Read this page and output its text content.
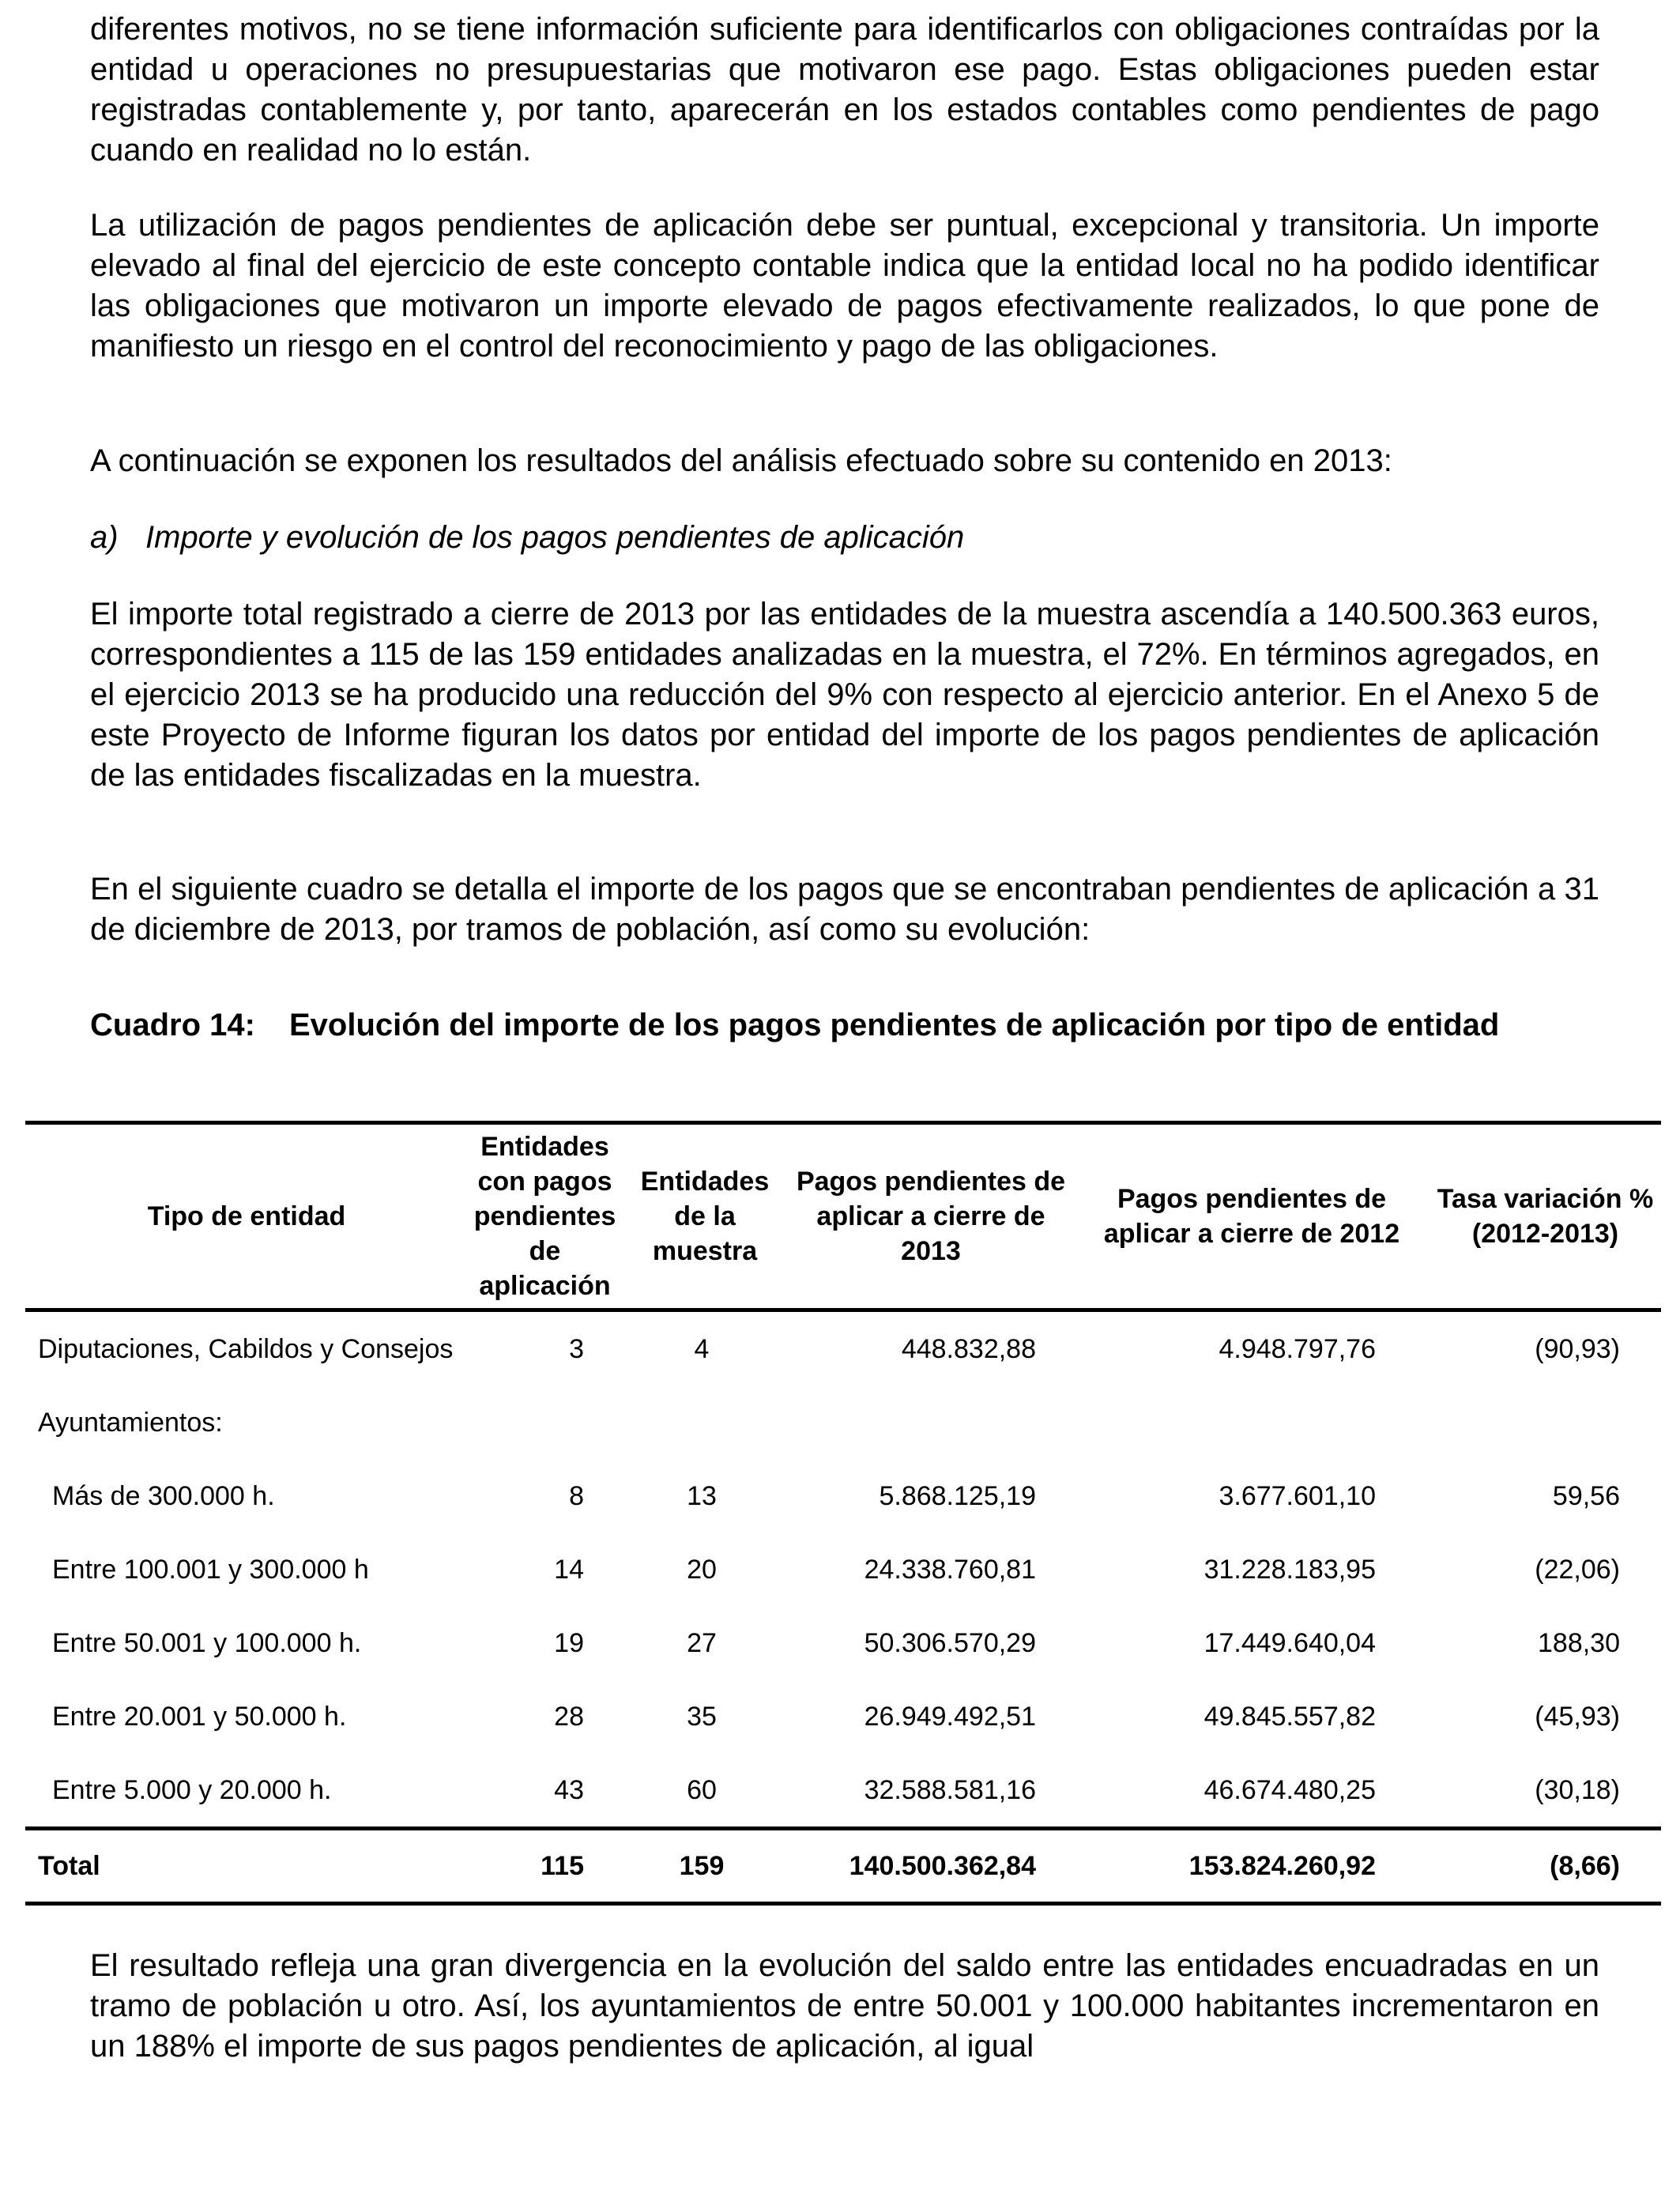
diferentes motivos, no se tiene información suficiente para identificarlos con obligaciones contraídas por la entidad u operaciones no presupuestarias que motivaron ese pago. Estas obligaciones pueden estar registradas contablemente y, por tanto, aparecerán en los estados contables como pendientes de pago cuando en realidad no lo están.

La utilización de pagos pendientes de aplicación debe ser puntual, excepcional y transitoria. Un importe elevado al final del ejercicio de este concepto contable indica que la entidad local no ha podido identificar las obligaciones que motivaron un importe elevado de pagos efectivamente realizados, lo que pone de manifiesto un riesgo en el control del reconocimiento y pago de las obligaciones.

A continuación se exponen los resultados del análisis efectuado sobre su contenido en 2013:

a) Importe y evolución de los pagos pendientes de aplicación

El importe total registrado a cierre de 2013 por las entidades de la muestra ascendía a 140.500.363 euros, correspondientes a 115 de las 159 entidades analizadas en la muestra, el 72%. En términos agregados, en el ejercicio 2013 se ha producido una reducción del 9% con respecto al ejercicio anterior. En el Anexo 5 de este Proyecto de Informe figuran los datos por entidad del importe de los pagos pendientes de aplicación de las entidades fiscalizadas en la muestra.

En el siguiente cuadro se detalla el importe de los pagos que se encontraban pendientes de aplicación a 31 de diciembre de 2013, por tramos de población, así como su evolución:

Cuadro 14:	Evolución del importe de los pagos pendientes de aplicación por tipo de entidad
Tipo de entidad	Entidades con pagos pendientes de aplicación	Entidades de la muestra	Pagos pendientes de aplicar a cierre de 2013	Pagos pendientes de aplicar a cierre de 2012	Tasa variación % (2012-2013)
Diputaciones, Cabildos y Consejos	3	4	448.832,88	4.948.797,76	(90,93)
Ayuntamientos:					
Más de 300.000 h.	8	13	5.868.125,19	3.677.601,10	59,56
Entre 100.001 y 300.000 h	14	20	24.338.760,81	31.228.183,95	(22,06)
Entre 50.001 y 100.000 h.	19	27	50.306.570,29	17.449.640,04	188,30
Entre 20.001 y 50.000 h.	28	35	26.949.492,51	49.845.557,82	(45,93)
Entre 5.000 y 20.000 h.	43	60	32.588.581,16	46.674.480,25	(30,18)
Total	115	159	140.500.362,84	153.824.260,92	(8,66)

El resultado refleja una gran divergencia en la evolución del saldo entre las entidades encuadradas en un tramo de población u otro. Así, los ayuntamientos de entre 50.001 y 100.000 habitantes incrementaron en un 188% el importe de sus pagos pendientes de aplicación, al igual
